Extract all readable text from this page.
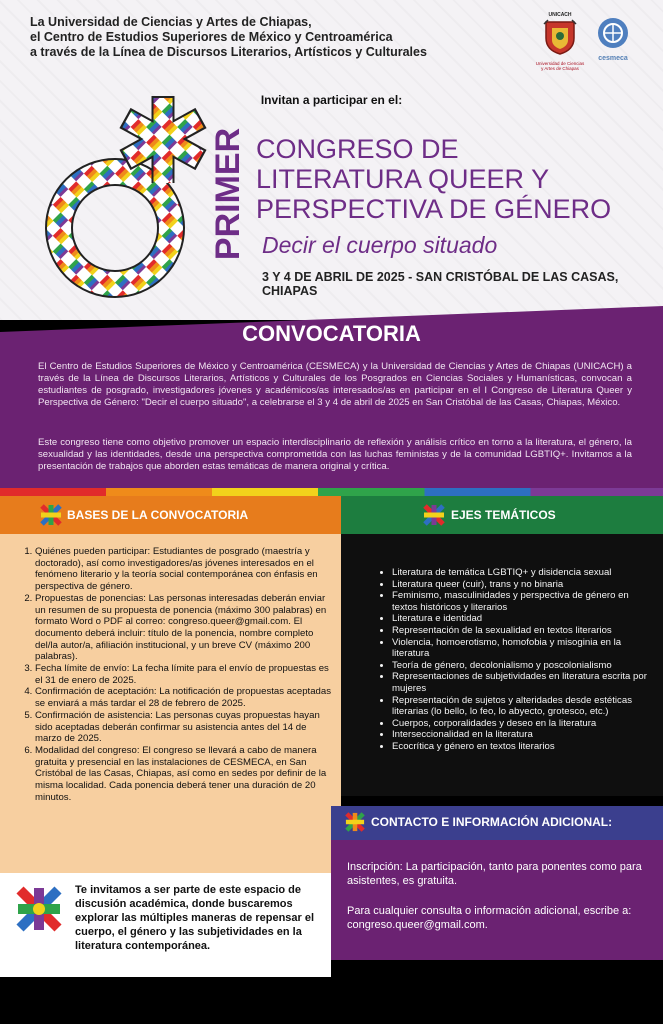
La Universidad de Ciencias y Artes de Chiapas,
el Centro de Estudios Superiores de México y Centroamérica
a través de la Línea de Discursos Literarios, Artísticos y Culturales
UNICACH
Universidad de Ciencias
y Artes de Chiapas
cesmeca
Invitan a participar en el:
PRIMER CONGRESO DE
LITERATURA QUEER Y
PERSPECTIVA DE GÉNERO
Decir el cuerpo situado
3 Y 4 DE ABRIL DE 2025 - SAN CRISTÓBAL DE LAS CASAS, CHIAPAS
CONVOCATORIA

El Centro de Estudios Superiores de México y Centroamérica (CESMECA) y la Universidad de Ciencias y Artes de Chiapas (UNICACH) a través de la Línea de Discursos Literarios, Artísticos y Culturales de los Posgrados en Ciencias Sociales y Humanísticas, convocan a estudiantes de posgrado, investigadores jóvenes y académicos/as interesados/as en participar en el I Congreso de Literatura Queer y Perspectiva de Género: "Decir el cuerpo situado", a celebrarse el 3 y 4 de abril de 2025 en San Cristóbal de las Casas, Chiapas, México.

Este congreso tiene como objetivo promover un espacio interdisciplinario de reflexión y análisis crítico en torno a la literatura, el género, la sexualidad y las identidades, desde una perspectiva comprometida con las luchas feministas y de la comunidad LGBTIQ+. Invitamos a la presentación de trabajos que aborden estas temáticas de manera original y crítica.

BASES DE LA CONVOCATORIA	EJES TEMÁTICOS
1. Quiénes pueden participar: Estudiantes de posgrado (maestría y doctorado), así como investigadores/as jóvenes interesados en el fenómeno literario y la teoría social contemporánea con énfasis en perspectiva de género.
2. Propuestas de ponencias: Las personas interesadas deberán enviar un resumen de su propuesta de ponencia (máximo 300 palabras) en formato Word o PDF al correo: congreso.queer@gmail.com. El documento deberá incluir: título de la ponencia, nombre completo del/la autor/a, afiliación institucional, y un breve CV (máximo 200 palabras).
3. Fecha límite de envío: La fecha límite para el envío de propuestas es el 31 de enero de 2025.
4. Confirmación de aceptación: La notificación de propuestas aceptadas se enviará a más tardar el 28 de febrero de 2025.
5. Confirmación de asistencia: Las personas cuyas propuestas hayan sido aceptadas deberán confirmar su asistencia antes del 14 de marzo de 2025.
6. Modalidad del congreso: El congreso se llevará a cabo de manera gratuita y presencial en las instalaciones de CESMECA, en San Cristóbal de las Casas, Chiapas, así como en sedes por definir de la misma localidad. Cada ponencia deberá tener una duración de 20 minutos.
• Literatura de temática LGBTIQ+ y disidencia sexual
• Literatura queer (cuir), trans y no binaria
• Feminismo, masculinidades y perspectiva de género en textos históricos y literarios
• Literatura e identidad
• Representación de la sexualidad en textos literarios
• Violencia, homoerotismo, homofobia y misoginia en la literatura
• Teoría de género, decolonialismo y poscolonialismo
• Representaciones de subjetividades en literatura escrita por mujeres
• Representación de sujetos y alteridades desde estéticas literarias (lo bello, lo feo, lo abyecto, grotesco, etc.)
• Cuerpos, corporalidades y deseo en la literatura
• Interseccionalidad en la literatura
• Ecocrítica y género en textos literarios
CONTACTO E INFORMACIÓN ADICIONAL:

Inscripción: La participación, tanto para ponentes como para asistentes, es gratuita.

Para cualquier consulta o información adicional, escribe a: congreso.queer@gmail.com.

Te invitamos a ser parte de este espacio de discusión académica, donde buscaremos explorar las múltiples maneras de repensar el cuerpo, el género y las subjetividades en la literatura contemporánea.
